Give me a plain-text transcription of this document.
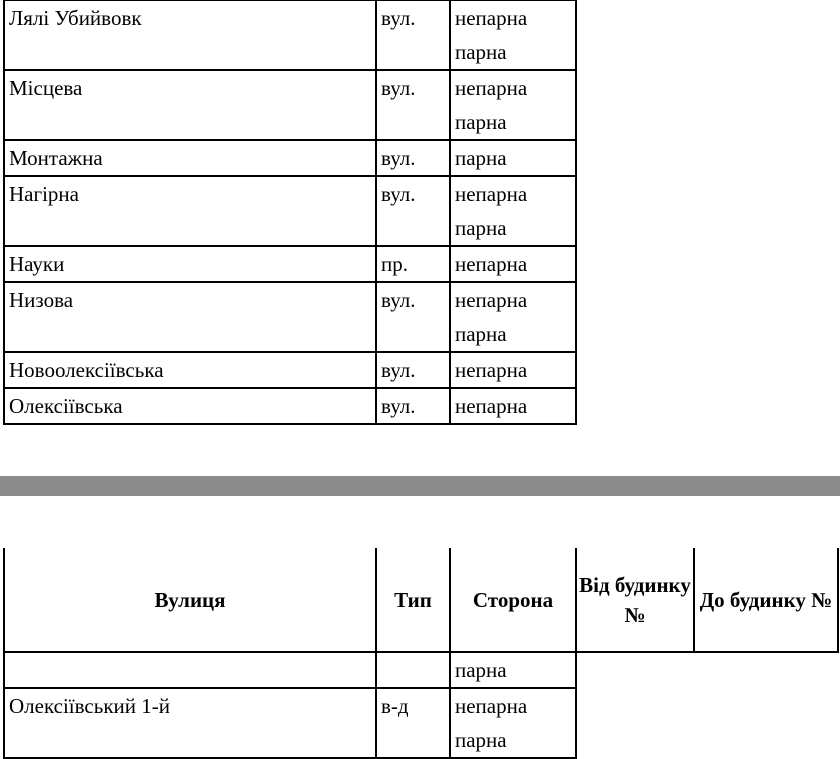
Лялі Убийвовк	вул.	непарна
парна

Місцева	вул.	непарна
парна

Монтажна	вул.	парна

Нагірна	вул.	непарна
парна

Науки	пр.	непарна

Низова	вул.	непарна
парна

Новоолексіївська	вул.	непарна

Олексіївська	вул.	непарна
Вулиця	Тип	Сторона	Від будинку №	До будинку №

		парна		

Олексіївський 1-й	в-д	непарна
парна		
